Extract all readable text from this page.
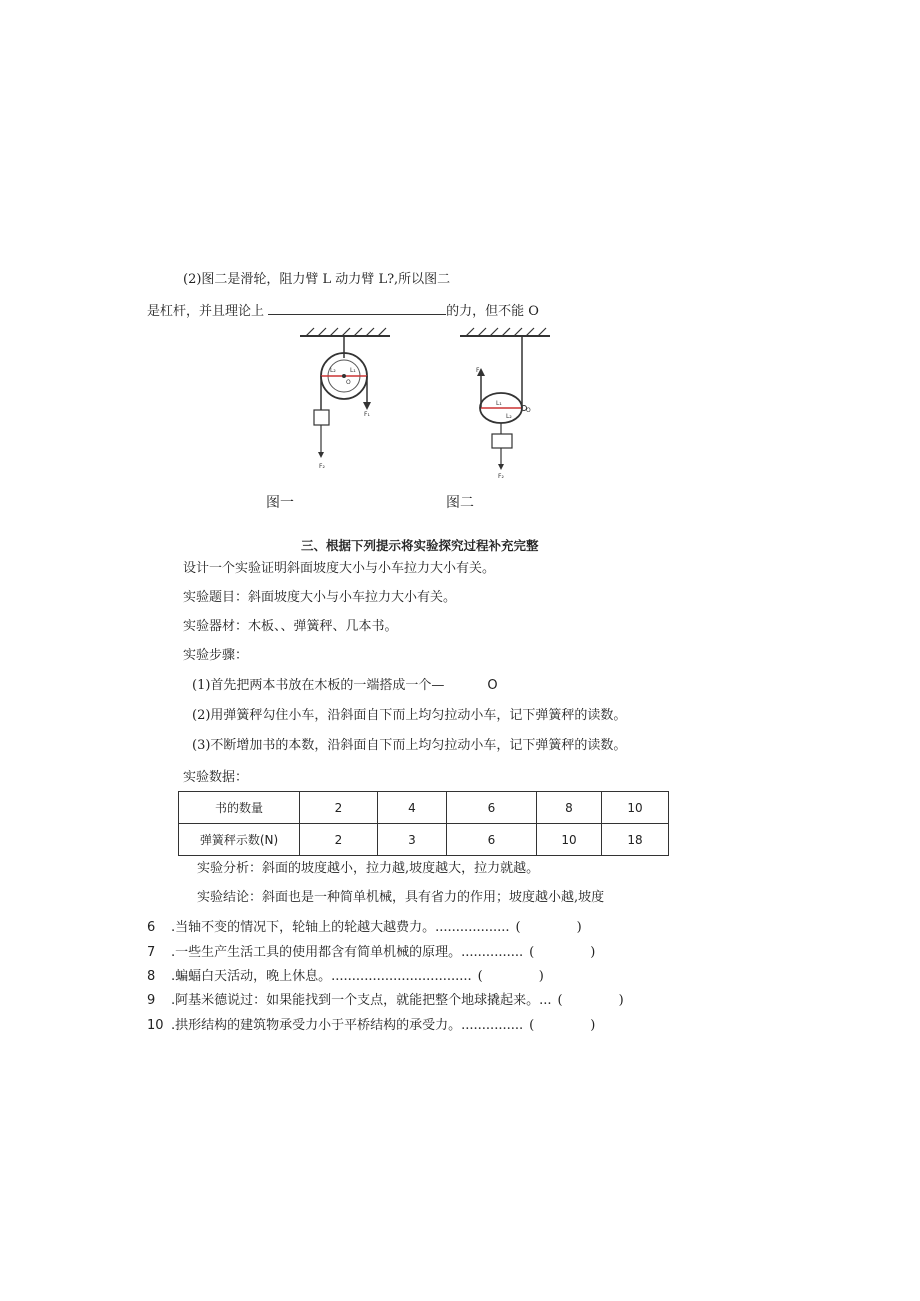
(2)图二是滑轮，阻力臂 L 动力臂 L?,所以图二
是杠杆，并且理论上	的力，但不能 O
L₂ L₁
O
F₁
F₂
F₁
L₁
L₂
O
F₂
图一	图二
三、根据下列提示将实验探究过程补充完整
设计一个实验证明斜面坡度大小与小车拉力大小有关。
实验题目：斜面坡度大小与小车拉力大小有关。
实验器材：木板、、弹簧秤、几本书。
实验步骤：
(1)首先把两本书放在木板的一端搭成一个—	O
(2)用弹簧秤勾住小车，沿斜面自下而上均匀拉动小车，记下弹簧秤的读数。
(3)不断增加书的本数，沿斜面自下而上均匀拉动小车，记下弹簧秤的读数。
实验数据：
书的数量	2	4	6	8	10
弹簧秤示数(N)	2	3	6	10	18
实验分析：斜面的坡度越小，拉力越,坡度越大，拉力就越。
实验结论：斜面也是一种简单机械，具有省力的作用；坡度越小越,坡度
6 .当轴不变的情况下，轮轴上的轮越大越费力。.................. (	)
7 .一些生产生活工具的使用都含有简单机械的原理。............... (	)
8 .蝙蝠白天活动，晚上休息。.................................. (	)
9 .阿基米德说过：如果能找到一个支点，就能把整个地球撬起来。... (	)
10 .拱形结构的建筑物承受力小于平桥结构的承受力。............... (	)
